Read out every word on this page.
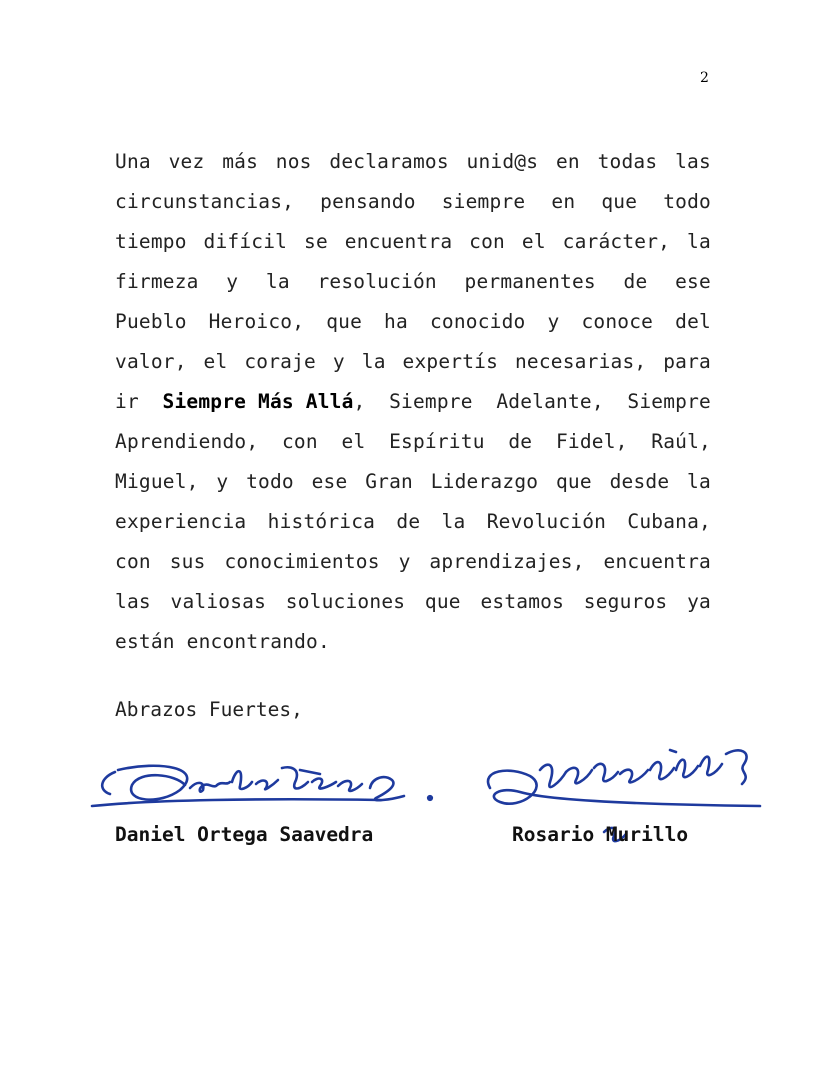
2
Una vez más nos declaramos unid@s en todas las
circunstancias, pensando siempre en que todo
tiempo difícil se encuentra con el carácter, la
firmeza y la resolución permanentes de ese
Pueblo Heroico, que ha conocido y conoce del
valor, el coraje y la expertís necesarias, para
ir Siempre Más Allá, Siempre Adelante, Siempre
Aprendiendo, con el Espíritu de Fidel, Raúl,
Miguel, y todo ese Gran Liderazgo que desde la
experiencia histórica de la Revolución Cubana,
con sus conocimientos y aprendizajes, encuentra
las valiosas soluciones que estamos seguros ya
están encontrando.
Abrazos Fuertes,
Daniel Ortega Saavedra	Rosario Murillo
